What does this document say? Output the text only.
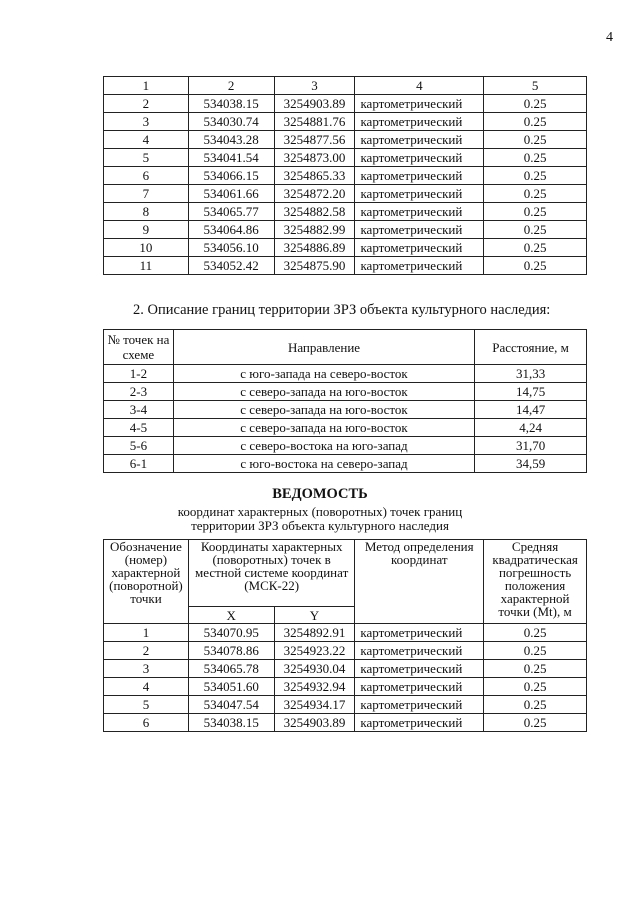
4
1	2	3	4	5
2	534038.15	3254903.89	картометрический	0.25
3	534030.74	3254881.76	картометрический	0.25
4	534043.28	3254877.56	картометрический	0.25
5	534041.54	3254873.00	картометрический	0.25
6	534066.15	3254865.33	картометрический	0.25
7	534061.66	3254872.20	картометрический	0.25
8	534065.77	3254882.58	картометрический	0.25
9	534064.86	3254882.99	картометрический	0.25
10	534056.10	3254886.89	картометрический	0.25
11	534052.42	3254875.90	картометрический	0.25
2. Описание границ территории ЗРЗ объекта культурного наследия:
№ точек на схеме	Направление	Расстояние, м
1-2	с юго-запада на северо-восток	31,33
2-3	с северо-запада на юго-восток	14,75
3-4	с северо-запада на юго-восток	14,47
4-5	с северо-запада на юго-восток	4,24
5-6	с северо-востока на юго-запад	31,70
6-1	с юго-востока на северо-запад	34,59
ВЕДОМОСТЬ
координат характерных (поворотных) точек границ
территории ЗРЗ объекта культурного наследия
Обозначение (номер) характерной (поворотной) точки	Координаты характерных (поворотных) точек в местной системе координат (МСК-22)		Метод определения координат	Средняя квадратическая погрешность положения характерной точки (Mt), м
	X	Y		
1	534070.95	3254892.91	картометрический	0.25
2	534078.86	3254923.22	картометрический	0.25
3	534065.78	3254930.04	картометрический	0.25
4	534051.60	3254932.94	картометрический	0.25
5	534047.54	3254934.17	картометрический	0.25
6	534038.15	3254903.89	картометрический	0.25
